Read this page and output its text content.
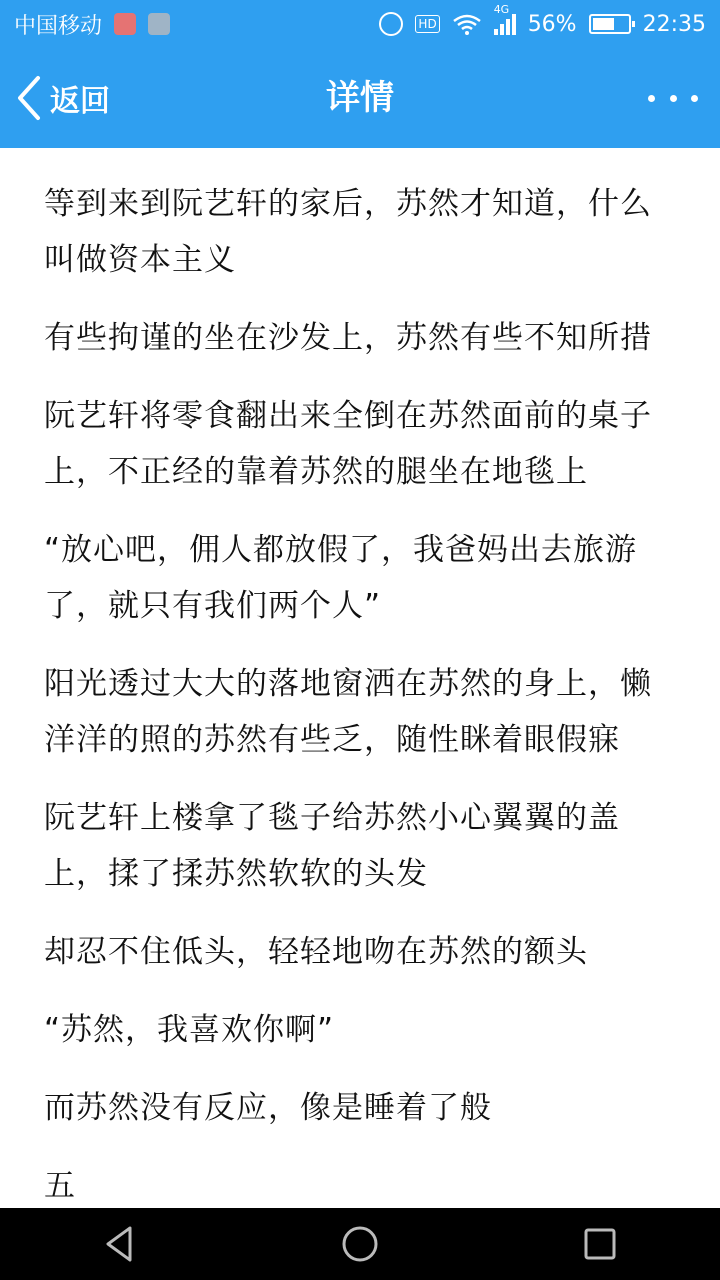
中国移动	HD
4G
56%	22:35
详情
返回

等到来到阮艺轩的家后，苏然才知道，什么叫做资本主义

有些拘谨的坐在沙发上，苏然有些不知所措

阮艺轩将零食翻出来全倒在苏然面前的桌子上，不正经的靠着苏然的腿坐在地毯上

“放心吧，佣人都放假了，我爸妈出去旅游了，就只有我们两个人”

阳光透过大大的落地窗洒在苏然的身上，懒洋洋的照的苏然有些乏，随性眯着眼假寐

阮艺轩上楼拿了毯子给苏然小心翼翼的盖上，揉了揉苏然软软的头发

却忍不住低头，轻轻地吻在苏然的额头

“苏然，我喜欢你啊”

而苏然没有反应，像是睡着了般

五
